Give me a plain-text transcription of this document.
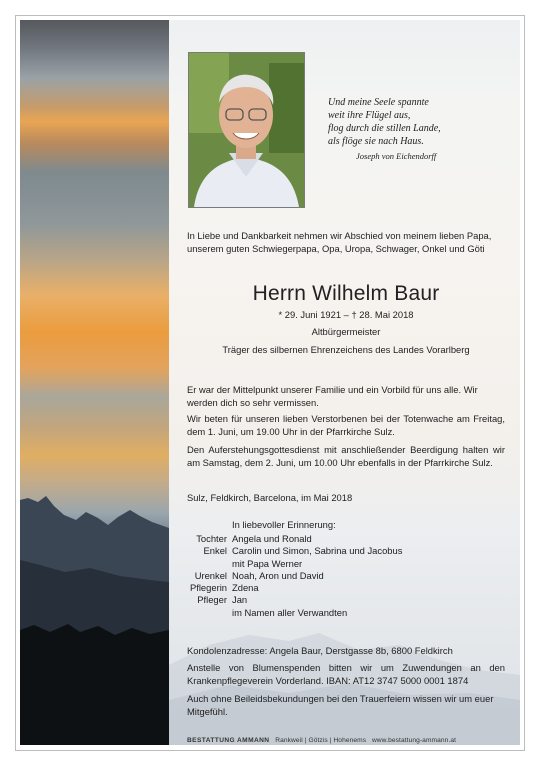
Und meine Seele spannte
weit ihre Flügel aus,
flog durch die stillen Lande,
als flöge sie nach Haus.
Joseph von Eichendorff
In Liebe und Dankbarkeit nehmen wir Abschied von meinem lieben Papa, unserem guten Schwiegerpapa, Opa, Uropa, Schwager, Onkel und Göti
Herrn Wilhelm Baur
* 29. Juni 1921 – † 28. Mai 2018
Altbürgermeister
Träger des silbernen Ehrenzeichens des Landes Vorarlberg
Er war der Mittelpunkt unserer Familie und ein Vorbild für uns alle. Wir werden dich so sehr vermissen.
Wir beten für unseren lieben Verstorbenen bei der Totenwache am Freitag, dem 1. Juni, um 19.00 Uhr in der Pfarrkirche Sulz.
Den Auferstehungsgottesdienst mit anschließender Beerdigung halten wir am Samstag, dem 2. Juni, um 10.00 Uhr ebenfalls in der Pfarrkirche Sulz.
Sulz, Feldkirch, Barcelona, im Mai 2018
In liebevoller Erinnerung:
Tochter Angela und Ronald
Enkel Carolin und Simon, Sabrina und Jacobus
mit Papa Werner
Urenkel Noah, Aron und David
Pflegerin Zdena
Pfleger Jan
im Namen aller Verwandten
Kondolenzadresse: Angela Baur, Derstgasse 8b, 6800 Feldkirch
Anstelle von Blumenspenden bitten wir um Zuwendungen an den Krankenpflegeverein Vorderland. IBAN: AT12 3747 5000 0001 1874
Auch ohne Beileidsbekundungen bei den Trauerfeiern wissen wir um euer Mitgefühl.
BESTATTUNG AMMANN Rankweil | Götzis | Hohenems www.bestattung-ammann.at
